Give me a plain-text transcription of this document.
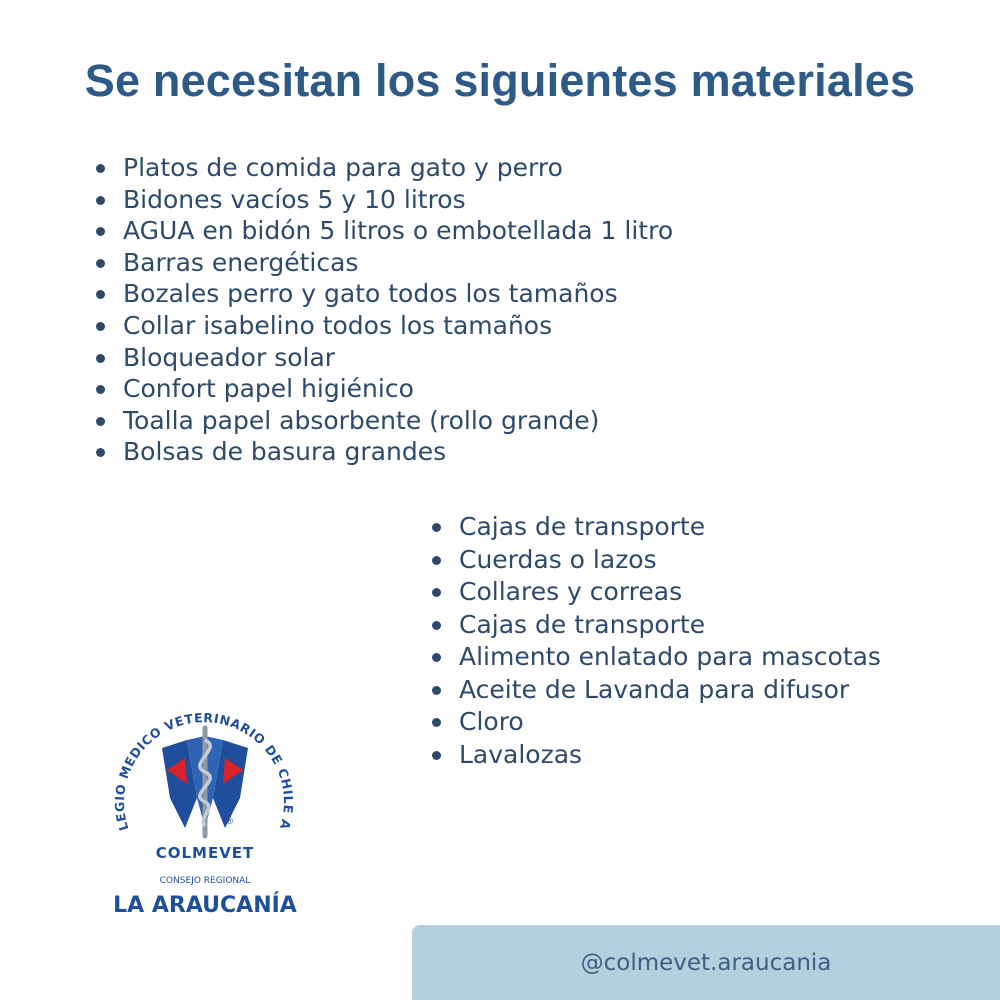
Se necesitan los siguientes materiales
Platos de comida para gato y perro
Bidones vacíos 5 y 10 litros
AGUA en bidón 5 litros o embotellada 1 litro
Barras energéticas
Bozales perro y gato todos los tamaños
Collar isabelino todos los tamaños
Bloqueador solar
Confort papel higiénico
Toalla papel absorbente (rollo grande)
Bolsas de basura grandes
Cajas de transporte
Cuerdas o lazos
Collares y correas
Cajas de transporte
Alimento enlatado para mascotas
Aceite de Lavanda para difusor
Cloro
Lavalozas
LEGIO MEDICO VETERINARIO DE CHILE A
®
COLMEVET
CONSEJO REGIONAL
LA ARAUCANÍA
@colmevet.araucania
